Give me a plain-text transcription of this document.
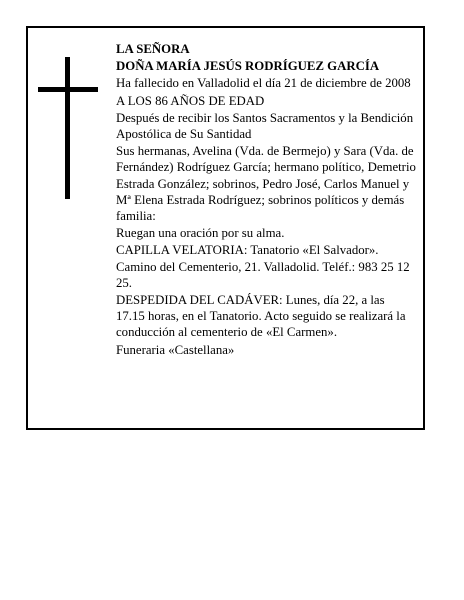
LA SEÑORA

DOÑA MARÍA JESÚS RODRÍGUEZ GARCÍA

Ha fallecido en Valladolid el día 21 de diciembre de 2008

A LOS 86 AÑOS DE EDAD

Después de recibir los Santos Sacramentos y la Bendición Apostólica de Su Santidad

Sus hermanas, Avelina (Vda. de Bermejo) y Sara (Vda. de Fernández) Rodríguez García; hermano político, Demetrio Estrada González; sobrinos, Pedro José, Carlos Manuel y Mª Elena Estrada Rodríguez; sobrinos políticos y demás familia:

Ruegan una oración por su alma.

CAPILLA VELATORIA: Tanatorio «El Salvador». Camino del Cementerio, 21. Valladolid. Teléf.: 983 25 12 25.

DESPEDIDA DEL CADÁVER: Lunes, día 22, a las 17.15 horas, en el Tanatorio. Acto seguido se realizará la conducción al cementerio de «El Carmen».

Funeraria «Castellana»
